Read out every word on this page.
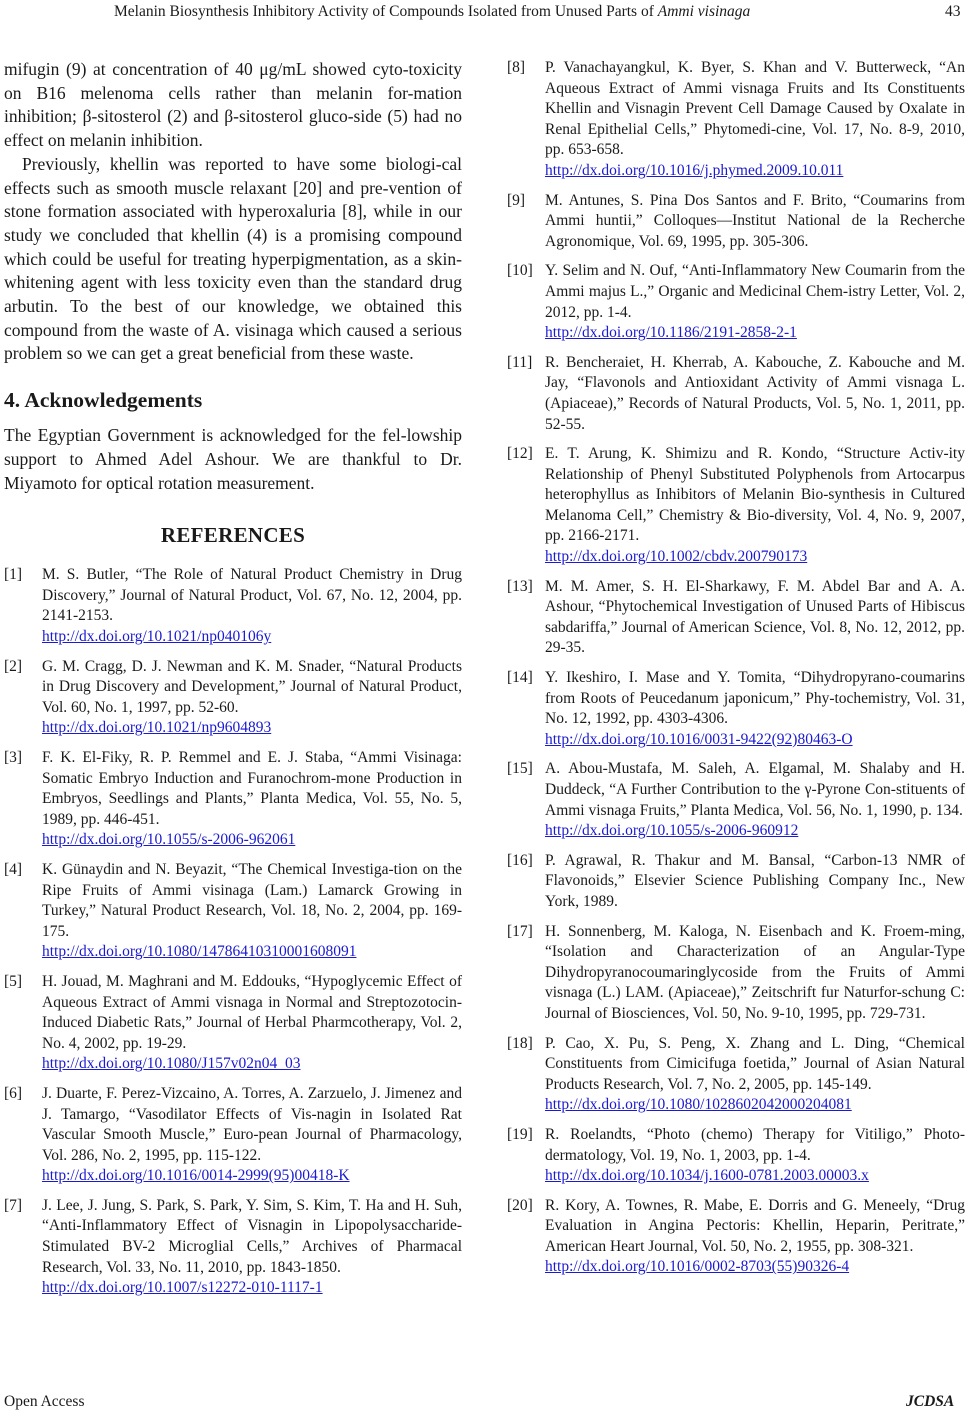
Melanin Biosynthesis Inhibitory Activity of Compounds Isolated from Unused Parts of Ammi visinaga	43

mifugin (9) at concentration of 40 μg/mL showed cyto-toxicity on B16 melenoma cells rather than melanin for-mation inhibition; β-sitosterol (2) and β-sitosterol gluco-side (5) had no effect on melanin inhibition.

Previously, khellin was reported to have some biologi-cal effects such as smooth muscle relaxant [20] and pre-vention of stone formation associated with hyperoxaluria [8], while in our study we concluded that khellin (4) is a promising compound which could be useful for treating hyperpigmentation, as a skin-whitening agent with less toxicity even than the standard drug arbutin. To the best of our knowledge, we obtained this compound from the waste of A. visinaga which caused a serious problem so we can get a great beneficial from these waste.

4. Acknowledgements

The Egyptian Government is acknowledged for the fel-lowship support to Ahmed Adel Ashour. We are thankful to Dr. Miyamoto for optical rotation measurement.

REFERENCES
[1] M. S. Butler, “The Role of Natural Product Chemistry in Drug Discovery,” Journal of Natural Product, Vol. 67, No. 12, 2004, pp. 2141-2153.
http://dx.doi.org/10.1021/np040106y
[2] G. M. Cragg, D. J. Newman and K. M. Snader, “Natural Products in Drug Discovery and Development,” Journal of Natural Product, Vol. 60, No. 1, 1997, pp. 52-60.
http://dx.doi.org/10.1021/np9604893
[3] F. K. El-Fiky, R. P. Remmel and E. J. Staba, “Ammi Visinaga: Somatic Embryo Induction and Furanochrom-mone Production in Embryos, Seedlings and Plants,” Planta Medica, Vol. 55, No. 5, 1989, pp. 446-451.
http://dx.doi.org/10.1055/s-2006-962061
[4] K. Günaydin and N. Beyazit, “The Chemical Investiga-tion on the Ripe Fruits of Ammi visinaga (Lam.) Lamarck Growing in Turkey,” Natural Product Research, Vol. 18, No. 2, 2004, pp. 169-175.
http://dx.doi.org/10.1080/14786410310001608091
[5] H. Jouad, M. Maghrani and M. Eddouks, “Hypoglycemic Effect of Aqueous Extract of Ammi visnaga in Normal and Streptozotocin-Induced Diabetic Rats,” Journal of Herbal Pharmcotherapy, Vol. 2, No. 4, 2002, pp. 19-29.
http://dx.doi.org/10.1080/J157v02n04_03
[6] J. Duarte, F. Perez-Vizcaino, A. Torres, A. Zarzuelo, J. Jimenez and J. Tamargo, “Vasodilator Effects of Vis-nagin in Isolated Rat Vascular Smooth Muscle,” Euro-pean Journal of Pharmacology, Vol. 286, No. 2, 1995, pp. 115-122.
http://dx.doi.org/10.1016/0014-2999(95)00418-K
[7] J. Lee, J. Jung, S. Park, S. Park, Y. Sim, S. Kim, T. Ha and H. Suh, “Anti-Inflammatory Effect of Visnagin in Lipopolysaccharide-Stimulated BV-2 Microglial Cells,” Archives of Pharmacal Research, Vol. 33, No. 11, 2010, pp. 1843-1850.
http://dx.doi.org/10.1007/s12272-010-1117-1
[8] P. Vanachayangkul, K. Byer, S. Khan and V. Butterweck, “An Aqueous Extract of Ammi visnaga Fruits and Its Constituents Khellin and Visnagin Prevent Cell Damage Caused by Oxalate in Renal Epithelial Cells,” Phytomedi-cine, Vol. 17, No. 8-9, 2010, pp. 653-658.
http://dx.doi.org/10.1016/j.phymed.2009.10.011
[9] M. Antunes, S. Pina Dos Santos and F. Brito, “Coumarins from Ammi huntii,” Colloques—Institut National de la Recherche Agronomique, Vol. 69, 1995, pp. 305-306.
[10] Y. Selim and N. Ouf, “Anti-Inflammatory New Coumarin from the Ammi majus L.,” Organic and Medicinal Chem-istry Letter, Vol. 2, 2012, pp. 1-4.
http://dx.doi.org/10.1186/2191-2858-2-1
[11] R. Bencheraiet, H. Kherrab, A. Kabouche, Z. Kabouche and M. Jay, “Flavonols and Antioxidant Activity of Ammi visnaga L. (Apiaceae),” Records of Natural Products, Vol. 5, No. 1, 2011, pp. 52-55.
[12] E. T. Arung, K. Shimizu and R. Kondo, “Structure Activ-ity Relationship of Phenyl Substituted Polyphenols from Artocarpus heterophyllus as Inhibitors of Melanin Bio-synthesis in Cultured Melanoma Cell,” Chemistry & Bio-diversity, Vol. 4, No. 9, 2007, pp. 2166-2171.
http://dx.doi.org/10.1002/cbdv.200790173
[13] M. M. Amer, S. H. El-Sharkawy, F. M. Abdel Bar and A. A. Ashour, “Phytochemical Investigation of Unused Parts of Hibiscus sabdariffa,” Journal of American Science, Vol. 8, No. 12, 2012, pp. 29-35.
[14] Y. Ikeshiro, I. Mase and Y. Tomita, “Dihydropyrano-coumarins from Roots of Peucedanum japonicum,” Phy-tochemistry, Vol. 31, No. 12, 1992, pp. 4303-4306.
http://dx.doi.org/10.1016/0031-9422(92)80463-O
[15] A. Abou-Mustafa, M. Saleh, A. Elgamal, M. Shalaby and H. Duddeck, “A Further Contribution to the γ-Pyrone Con-stituents of Ammi visnaga Fruits,” Planta Medica, Vol. 56, No. 1, 1990, p. 134.
http://dx.doi.org/10.1055/s-2006-960912
[16] P. Agrawal, R. Thakur and M. Bansal, “Carbon-13 NMR of Flavonoids,” Elsevier Science Publishing Company Inc., New York, 1989.
[17] H. Sonnenberg, M. Kaloga, N. Eisenbach and K. Froem-ming, “Isolation and Characterization of an Angular-Type Dihydropyranocoumaringlycoside from the Fruits of Ammi visnaga (L.) LAM. (Apiaceae),” Zeitschrift fur Naturfor-schung C: Journal of Biosciences, Vol. 50, No. 9-10, 1995, pp. 729-731.
[18] P. Cao, X. Pu, S. Peng, X. Zhang and L. Ding, “Chemical Constituents from Cimicifuga foetida,” Journal of Asian Natural Products Research, Vol. 7, No. 2, 2005, pp. 145-149.
http://dx.doi.org/10.1080/1028602042000204081
[19] R. Roelandts, “Photo (chemo) Therapy for Vitiligo,” Photo-dermatology, Vol. 19, No. 1, 2003, pp. 1-4.
http://dx.doi.org/10.1034/j.1600-0781.2003.00003.x
[20] R. Kory, A. Townes, R. Mabe, E. Dorris and G. Meneely, “Drug Evaluation in Angina Pectoris: Khellin, Heparin, Peritrate,” American Heart Journal, Vol. 50, No. 2, 1955, pp. 308-321.
http://dx.doi.org/10.1016/0002-8703(55)90326-4
Open Access	JCDSA
